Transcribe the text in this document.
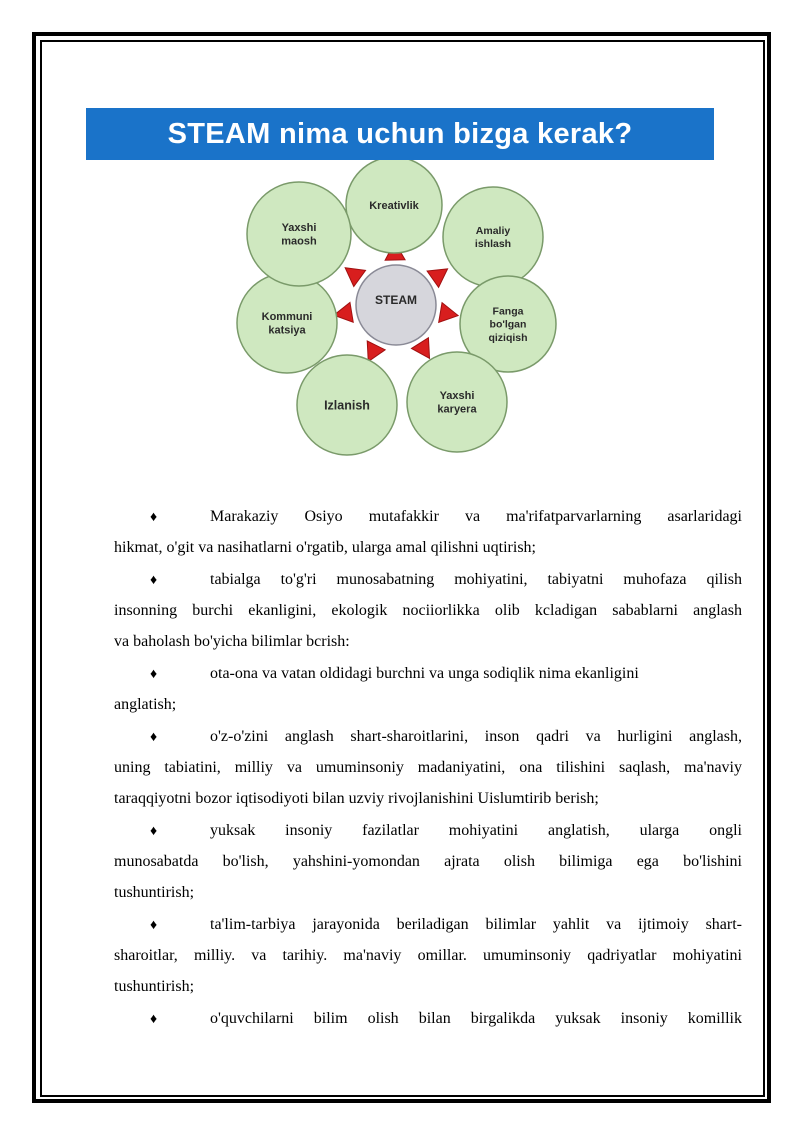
STEAM nima uchun bizga kerak?
Kreativlik
Amaliy
ishlash
Fanga
bo'lgan
qiziqish
Yaxshi
karyera
Izlanish
Kommuni
katsiya
Yaxshi
maosh
STEAM
♦	Marakaziy Osiyo mutafakkir va ma'rifatparvarlarning asarlaridagi
hikmat, o'git va nasihatlarni o'rgatib, ularga amal qilishni uqtirish;
♦	tabialga to'g'ri munosabatning mohiyatini, tabiyatni muhofaza qilish
insonning burchi ekanligini, ekologik nociiorlikka olib kcladigan sabablarni anglash
va baholash bo'yicha bilimlar bcrish:
♦	ota-ona va vatan oldidagi burchni va unga sodiqlik nima ekanligini
anglatish;
♦	o'z-o'zini anglash shart-sharoitlarini, inson qadri va hurligini anglash,
uning tabiatini, milliy va umuminsoniy madaniyatini, ona tilishini saqlash, ma'naviy
taraqqiyotni bozor iqtisodiyoti bilan uzviy rivojlanishini Uislumtirib berish;
♦	yuksak insoniy fazilatlar mohiyatini anglatish, ularga ongli
munosabatda bo'lish, yahshini-yomondan ajrata olish bilimiga ega bo'lishini
tushuntirish;
♦	ta'lim-tarbiya jarayonida beriladigan bilimlar yahlit va ijtimoiy shart-
sharoitlar, milliy. va tarihiy. ma'naviy omillar. umuminsoniy qadriyatlar mohiyatini
tushuntirish;
♦	o'quvchilarni bilim olish bilan birgalikda yuksak insoniy komillik
